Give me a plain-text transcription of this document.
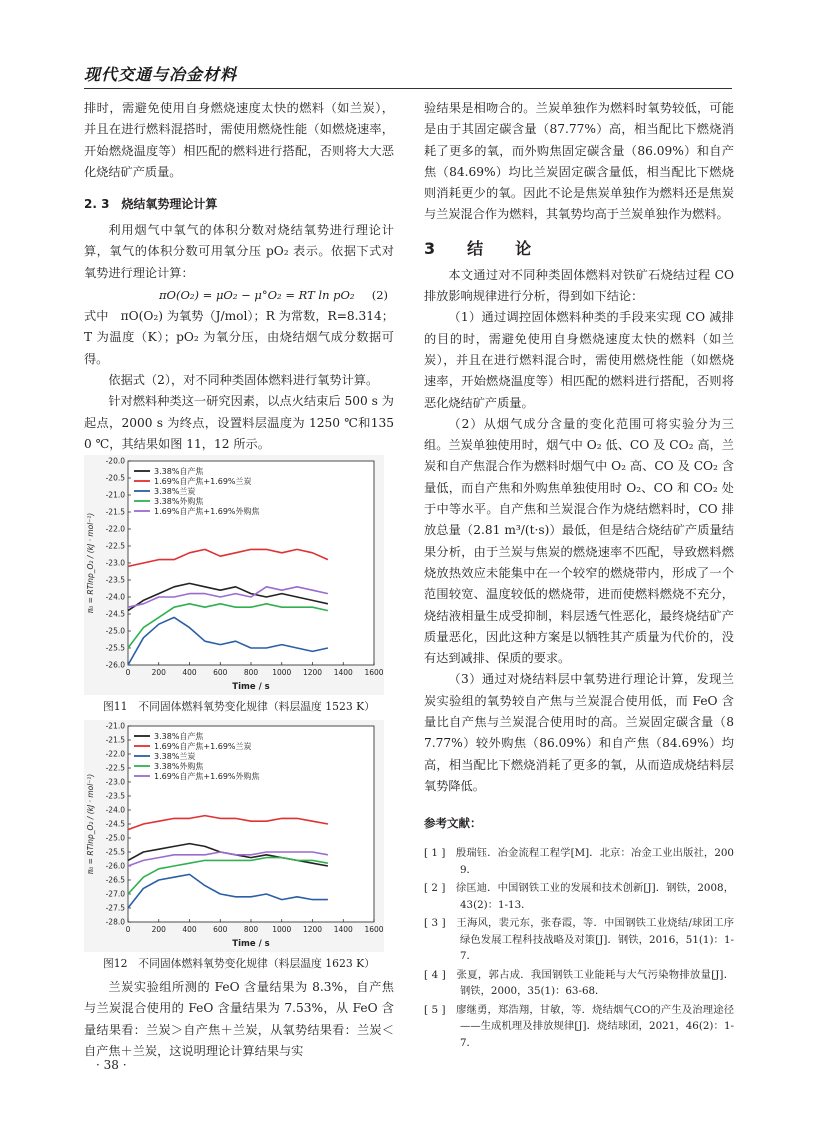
现代交通与冶金材料

排时，需避免使用自身燃烧速度太快的燃料（如兰炭），并且在进行燃料混搭时，需使用燃烧性能（如燃烧速率，开始燃烧温度等）相匹配的燃料进行搭配，否则将大大恶化烧结矿产质量。

2. 3　烧结氧势理论计算

利用烟气中氧气的体积分数对烧结氧势进行理论计算，氧气的体积分数可用氧分压 pO₂ 表示。依据下式对氧势进行理论计算：

πO(O₂) = μO₂ − μ°O₂ = RT ln pO₂ (2)

式中　πO(O₂) 为氧势（J/mol）；R 为常数，R=8.314；T 为温度（K）；pO₂ 为氧分压，由烧结烟气成分数据可得。

依据式（2），对不同种类固体燃料进行氧势计算。

针对燃料种类这一研究因素，以点火结束后 500 s 为起点，2000 s 为终点，设置料层温度为 1250 ℃和1350 ℃，其结果如图 11，12 所示。

0	200 400 600 800 1000 1200 1400 1600
-20.0
-20.5
-21.0
-21.5
-22.0
-22.5
-23.0
-23.5
-24.0
-24.5
-25.0
-25.5
-26.0
Time / s
π₀ = RTlnp_O₂ / (kJ · mol⁻¹)
3.38%自产焦
1.69%自产焦+1.69%兰炭
3.38%兰炭
3.38%外购焦
1.69%自产焦+1.69%外购焦
图11　不同固体燃料氧势变化规律（料层温度 1523 K）
0	200 400 600 800 1000 1200 1400 1600
-21.0
-21.5
-22.0
-22.5
-23.0
-23.5
-24.0
-24.5
-25.0
-25.5
-26.0
-26.5
-27.0
-27.5
-28.0
Time / s
π₀ = RTlnp_O₂ / (kJ · mol⁻¹)
3.38%自产焦
1.69%自产焦+1.69%兰炭
3.38%兰炭
3.38%外购焦
1.69%自产焦+1.69%外购焦
图12　不同固体燃料氧势变化规律（料层温度 1623 K）

兰炭实验组所测的 FeO 含量结果为 8.3%，自产焦与兰炭混合使用的 FeO 含量结果为 7.53%，从 FeO 含量结果看：兰炭＞自产焦＋兰炭，从氧势结果看：兰炭＜自产焦＋兰炭，这说明理论计算结果与实

验结果是相吻合的。兰炭单独作为燃料时氧势较低，可能是由于其固定碳含量（87.77%）高，相当配比下燃烧消耗了更多的氧，而外购焦固定碳含量（86.09%）和自产焦（84.69%）均比兰炭固定碳含量低，相当配比下燃烧则消耗更少的氧。因此不论是焦炭单独作为燃料还是焦炭与兰炭混合作为燃料，其氧势均高于兰炭单独作为燃料。

3　结　论

本文通过对不同种类固体燃料对铁矿石烧结过程 CO 排放影响规律进行分析，得到如下结论：

（1）通过调控固体燃料种类的手段来实现 CO 减排的目的时，需避免使用自身燃烧速度太快的燃料（如兰炭），并且在进行燃料混合时，需使用燃烧性能（如燃烧速率，开始燃烧温度等）相匹配的燃料进行搭配，否则将恶化烧结矿产质量。

（2）从烟气成分含量的变化范围可将实验分为三组。兰炭单独使用时，烟气中 O₂ 低、CO 及 CO₂ 高，兰炭和自产焦混合作为燃料时烟气中 O₂ 高、CO 及 CO₂ 含量低，而自产焦和外购焦单独使用时 O₂、CO 和 CO₂ 处于中等水平。自产焦和兰炭混合作为烧结燃料时，CO 排放总量（2.81 m³/(t·s)）最低，但是结合烧结矿产质量结果分析，由于兰炭与焦炭的燃烧速率不匹配，导致燃料燃烧放热效应未能集中在一个较窄的燃烧带内，形成了一个范围较宽、温度较低的燃烧带，进而使燃料燃烧不充分，烧结液相量生成受抑制，料层透气性恶化，最终烧结矿产质量恶化，因此这种方案是以牺牲其产质量为代价的，没有达到减排、保质的要求。

（3）通过对烧结料层中氧势进行理论计算，发现兰炭实验组的氧势较自产焦与兰炭混合使用低，而 FeO 含量比自产焦与兰炭混合使用时的高。兰炭固定碳含量（87.77%）较外购焦（86.09%）和自产焦（84.69%）均高，相当配比下燃烧消耗了更多的氧，从而造成烧结料层氧势降低。

参考文献：
[ 1 ]　殷瑞钰．冶金流程工程学[M]．北京：冶金工业出版社，2009．
[ 2 ]　徐匡迪．中国钢铁工业的发展和技术创新[J]．钢铁，2008，43(2)：1-13．
[ 3 ]　王海风，裴元东，张春霞，等．中国钢铁工业烧结/球团工序绿色发展工程科技战略及对策[J]．钢铁，2016，51(1)：1-7．
[ 4 ]　张夏，郭占成．我国钢铁工业能耗与大气污染物排放量[J]．钢铁，2000，35(1)：63-68．
[ 5 ]　廖继勇，郑浩翔，甘敏，等．烧结烟气CO的产生及治理途径——生成机理及排放规律[J]．烧结球团，2021，46(2)：1-7．
· 38 ·
